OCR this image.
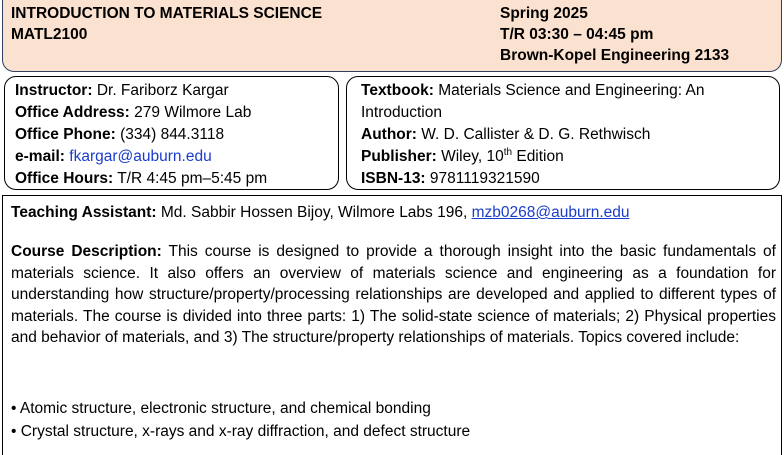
INTRODUCTION TO MATERIALS SCIENCE
MATL2100
Spring 2025
T/R 03:30 – 04:45 pm
Brown-Kopel Engineering 2133
Instructor: Dr. Fariborz Kargar
Office Address: 279 Wilmore Lab
Office Phone: (334) 844.3118
e-mail: fkargar@auburn.edu
Office Hours: T/R 4:45 pm–5:45 pm
Textbook: Materials Science and Engineering: An
Introduction
Author: W. D. Callister & D. G. Rethwisch
Publisher: Wiley, 10th Edition
ISBN-13: 9781119321590
Teaching Assistant: Md. Sabbir Hossen Bijoy, Wilmore Labs 196, mzb0268@auburn.edu
Course Description: This course is designed to provide a thorough insight into the basic fundamentals of materials science. It also offers an overview of materials science and engineering as a foundation for understanding how structure/property/processing relationships are developed and applied to different types of materials. The course is divided into three parts: 1) The solid-state science of materials; 2) Physical properties and behavior of materials, and 3) The structure/property relationships of materials. Topics covered include:
• Atomic structure, electronic structure, and chemical bonding
• Crystal structure, x-rays and x-ray diffraction, and defect structure
